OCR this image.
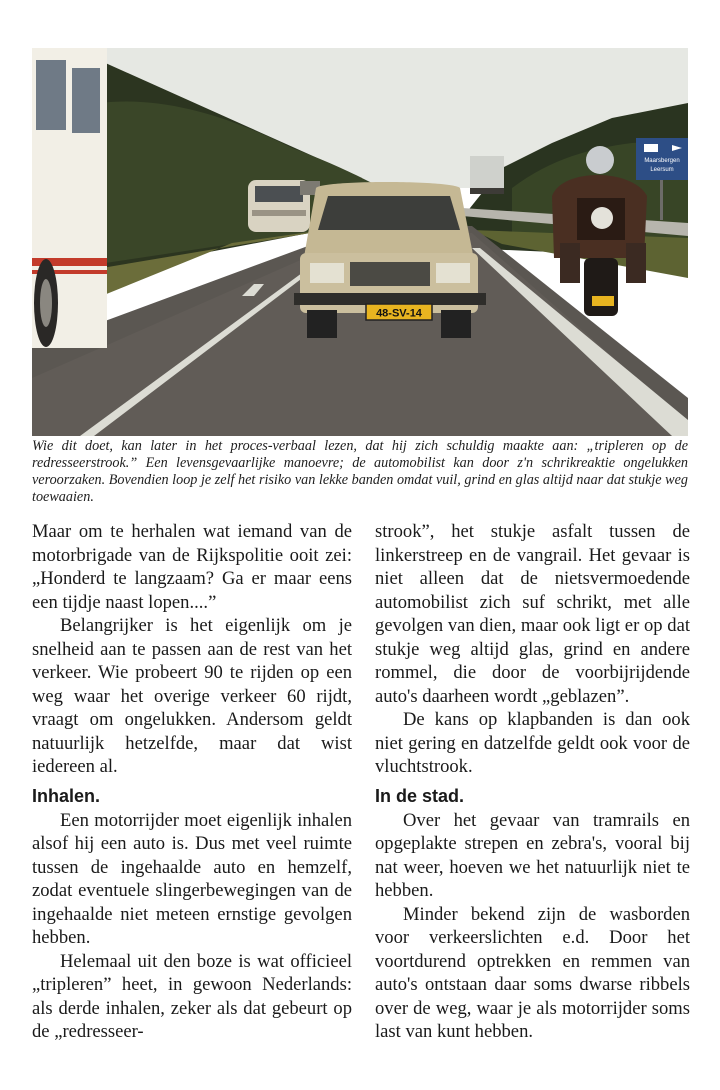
48-SV-14
Maarsbergen
Leersum
Wie dit doet, kan later in het proces-verbaal lezen, dat hij zich schuldig maakte aan: „tripleren op de redresseerstrook.” Een levensgevaarlijke manoevre; de automobilist kan door z'n schrikreaktie ongelukken veroorzaken. Bovendien loop je zelf het risiko van lekke banden omdat vuil, grind en glas altijd naar dat stukje weg toewaaien.

Maar om te herhalen wat iemand van de motorbrigade van de Rijkspolitie ooit zei: „Honderd te langzaam? Ga er maar eens een tijdje naast lopen....”

Belangrijker is het eigenlijk om je snelheid aan te passen aan de rest van het verkeer. Wie probeert 90 te rijden op een weg waar het overige verkeer 60 rijdt, vraagt om ongelukken. Andersom geldt natuurlijk hetzelfde, maar dat wist iedereen al.

Inhalen.

Een motorrijder moet eigenlijk inhalen alsof hij een auto is. Dus met veel ruimte tussen de ingehaalde auto en hemzelf, zodat eventuele slingerbewegingen van de ingehaalde niet meteen ernstige gevolgen hebben.

Helemaal uit den boze is wat officieel „tripleren” heet, in gewoon Nederlands: als derde inhalen, zeker als dat gebeurt op de „redresseer-

strook”, het stukje asfalt tussen de linkerstreep en de vangrail. Het gevaar is niet alleen dat de nietsvermoedende automobilist zich suf schrikt, met alle gevolgen van dien, maar ook ligt er op dat stukje weg altijd glas, grind en andere rommel, die door de voorbijrijdende auto's daarheen wordt „geblazen”.

De kans op klapbanden is dan ook niet gering en datzelfde geldt ook voor de vluchtstrook.

In de stad.

Over het gevaar van tramrails en opgeplakte strepen en zebra's, vooral bij nat weer, hoeven we het natuurlijk niet te hebben.

Minder bekend zijn de wasborden voor verkeerslichten e.d. Door het voortdurend optrekken en remmen van auto's ontstaan daar soms dwarse ribbels over de weg, waar je als motorrijder soms last van kunt hebben.
